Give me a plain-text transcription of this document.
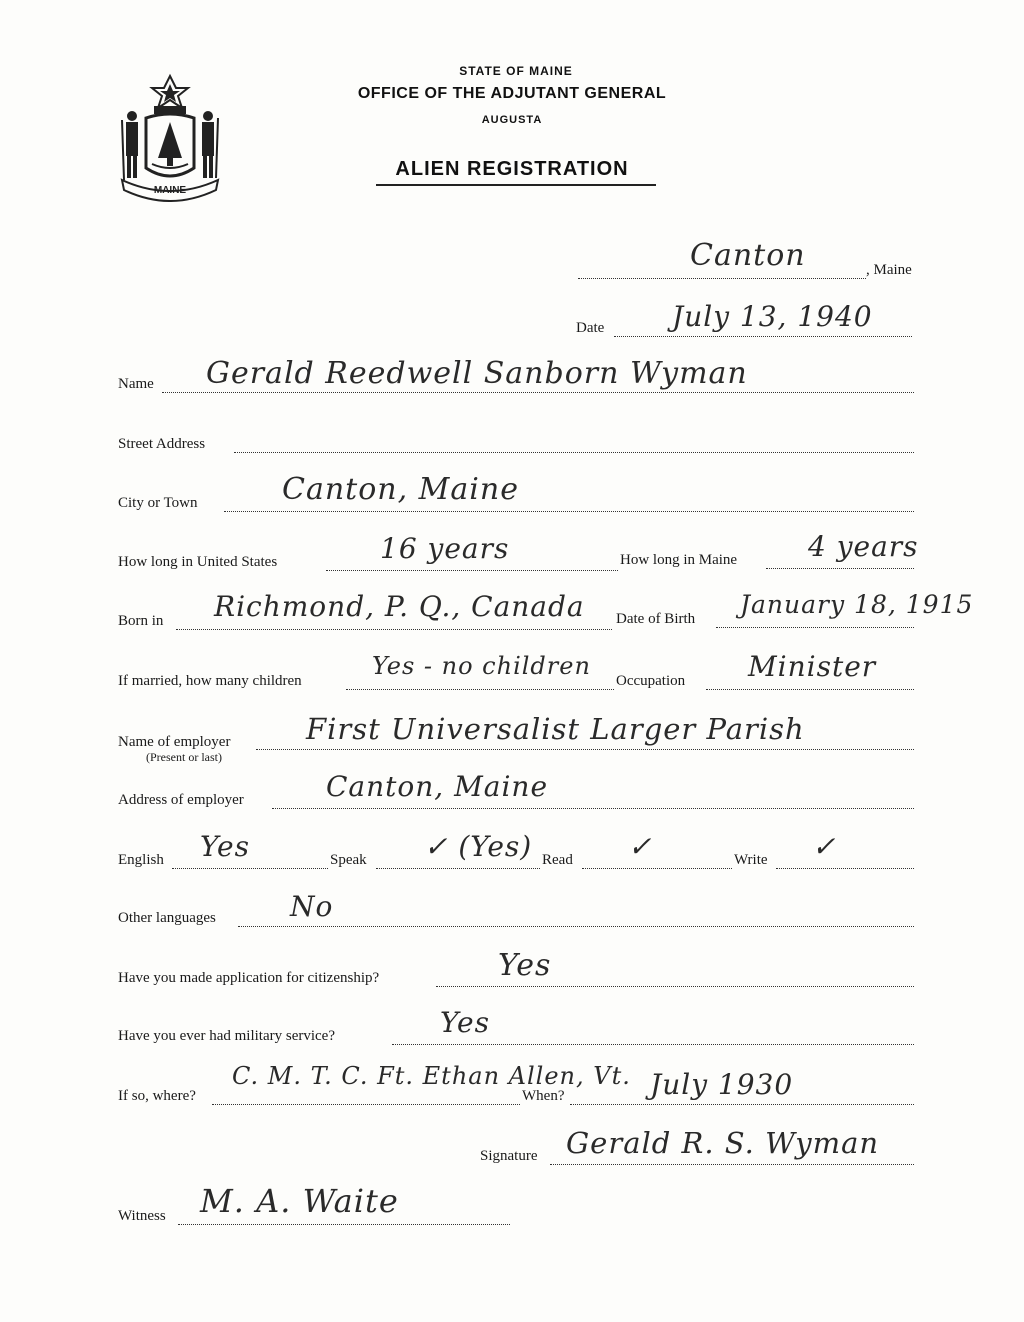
MAINE
STATE OF MAINE
OFFICE OF THE ADJUTANT GENERAL
AUGUSTA
ALIEN REGISTRATION
Canton	, Maine
Date July 13, 1940
Name Gerald Reedwell Sanborn Wyman
Street Address
City or Town	Canton, Maine
How long in United States	16 years	How long in Maine	4 years
Born in Richmond, P. Q., Canada Date of Birth January 18, 1915
If married, how many children
Yes - no children
Occupation Minister
Name of employer
(Present or last)
First Universalist Larger Parish
Address of employer	Canton, Maine
English Yes	Speak ✓ (Yes) Read ✓	Write ✓
Other languages	No
Have you made application for citizenship?	Yes
Have you ever had military service?	Yes
If so, where?
C. M. T. C. Ft. Ethan Allen, Vt.
When?	July 1930
Signature Gerald R. S. Wyman
Witness M. A. Waite
